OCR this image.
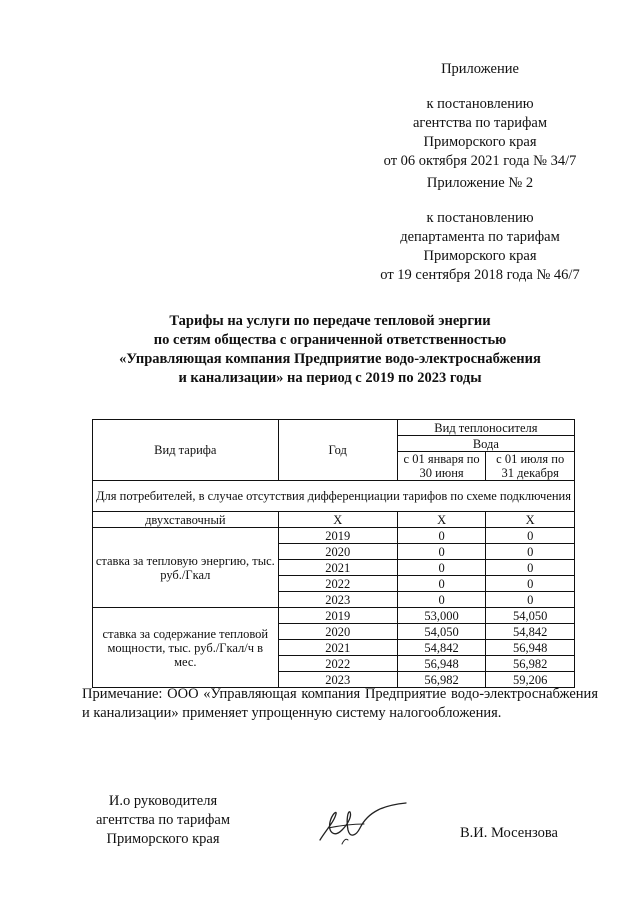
Приложение
к постановлению
агентства по тарифам
Приморского края
от 06 октября 2021 года № 34/7
Приложение № 2
к постановлению
департамента по тарифам
Приморского края
от 19 сентября 2018 года № 46/7
Тарифы на услуги по передаче тепловой энергии
по сетям общества с ограниченной ответственностью
«Управляющая компания Предприятие водо-электроснабжения
и канализации» на период с 2019 по 2023 годы
Вид тарифа	Год	Вид теплоносителя	
		Вода	
		с 01 января по 30 июня	с 01 июля по 31 декабря
Для потребителей, в случае отсутствия дифференциации тарифов по схеме подключения			
двухставочный	X	X	X
ставка за тепловую энергию, тыс. руб./Гкал	2019	0	0
	2020	0	0
	2021	0	0
	2022	0	0
	2023	0	0
ставка за содержание тепловой мощности, тыс. руб./Гкал/ч в мес.	2019	53,000	54,050
	2020	54,050	54,842
	2021	54,842	56,948
	2022	56,948	56,982
	2023	56,982	59,206
Примечание: ООО «Управляющая компания Предприятие водо-электроснабжения и канализации» применяет упрощенную систему налогообложения.
И.о руководителя
агентства по тарифам
Приморского края	В.И. Мосензова
